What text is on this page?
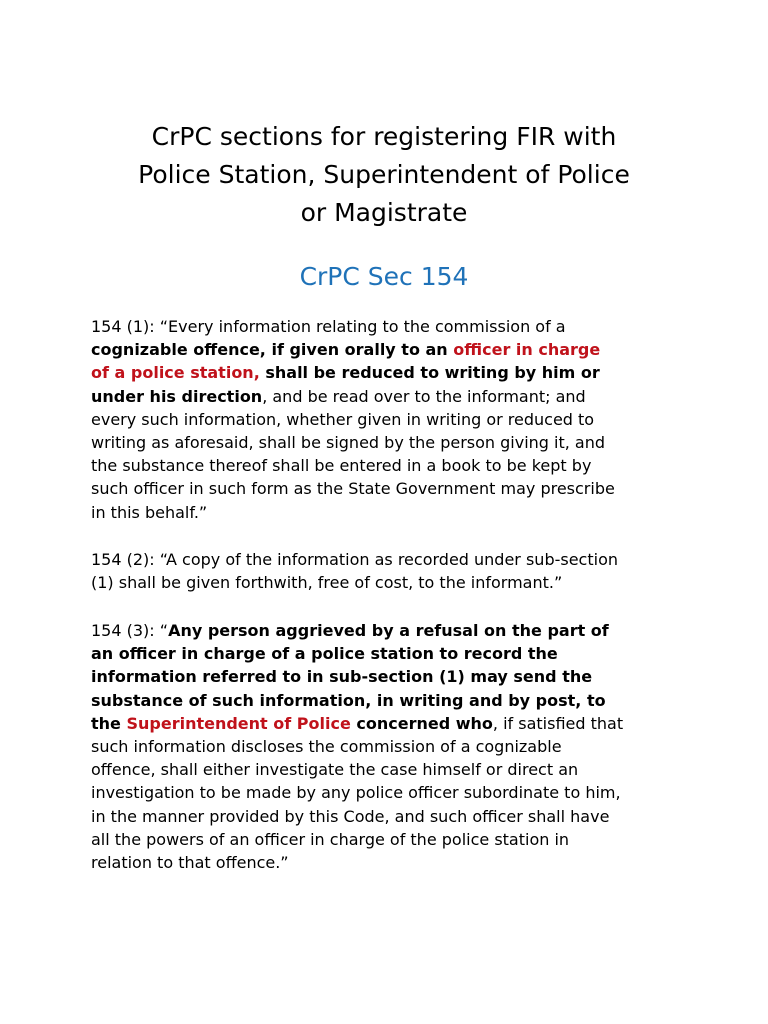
CrPC sections for registering FIR with
Police Station, Superintendent of Police
or Magistrate
CrPC Sec 154

154 (1): “Every information relating to the commission of a
cognizable offence, if given orally to an officer in charge
of a police station, shall be reduced to writing by him or
under his direction, and be read over to the informant; and
every such information, whether given in writing or reduced to
writing as aforesaid, shall be signed by the person giving it, and
the substance thereof shall be entered in a book to be kept by
such officer in such form as the State Government may prescribe
in this behalf.”

154 (2): “A copy of the information as recorded under sub-section
(1) shall be given forthwith, free of cost, to the informant.”

154 (3): “Any person aggrieved by a refusal on the part of
an officer in charge of a police station to record the
information referred to in sub-section (1) may send the
substance of such information, in writing and by post, to
the Superintendent of Police concerned who, if satisfied that
such information discloses the commission of a cognizable
offence, shall either investigate the case himself or direct an
investigation to be made by any police officer subordinate to him,
in the manner provided by this Code, and such officer shall have
all the powers of an officer in charge of the police station in
relation to that offence.”
